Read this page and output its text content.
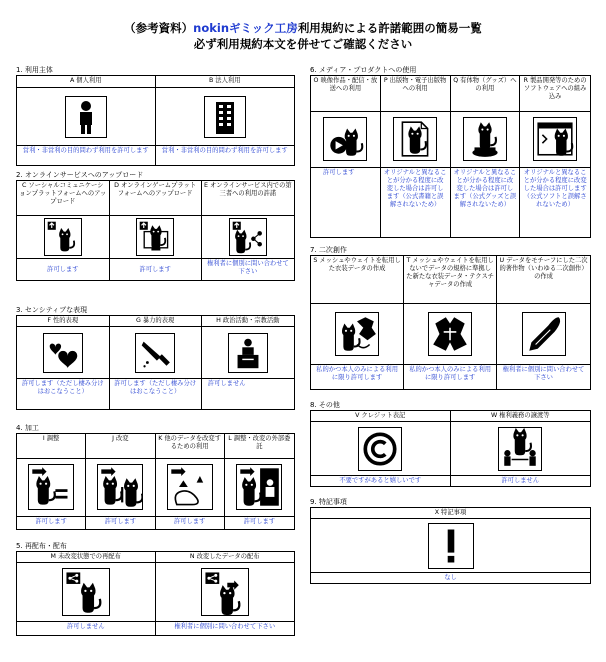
（参考資料）nokinギミック工房利用規約による許諾範囲の簡易一覧
必ず利用規約本文を併せてご確認ください
1. 利用主体
A 個人利用
営利・非営利の目的問わず利用を許可します
B 法人利用
営利・非営利の目的問わず利用を許可します
2. オンラインサービスへのアップロード
C ソーシャルコミュニケーションプラットフォームへのアップロード
許可します
D オンラインゲームプラットフォームへのアップロード
許可します
E オンラインサービス内での第三者への利用の許諾
権利者に個別に問い合わせて下さい
3. センシティブな表現
F 性的表現
許可します（ただし棲み分けはおこなうこと）
G 暴力的表現
許可します（ただし棲み分けはおこなうこと）
H 政治活動・宗教活動
許可しません
4. 加工
I 調整
許可します
J 改変
許可します
K 他のデータを改変するための利用
許可します
L 調整・改変の外部委託
許可します
5. 再配布・配布
M 未改変状態での再配布
許可しません
N 改変したデータの配布
権利者に個別に問い合わせて下さい
6. メディア・プロダクトへの使用
O 映像作品・配信・放送への利用
許可します
P 出版物・電子出版物への利用
オリジナルと異なることが分かる程度に改変した場合は許可します（公式書籍と誤解されないため）
Q 有体物（グッズ）への利用
オリジナルと異なることが分かる程度に改変した場合は許可します（公式グッズと誤解されないため）
R 製品開発等のためのソフトウェアへの組み込み
オリジナルと異なることが分かる程度に改変した場合は許可します（公式ソフトと誤解されないため）
7. 二次創作
S メッシュやウェイトを転用した衣装データの作成
私的かつ本人のみによる利用に限り許可します
T メッシュやウェイトを転用しないでデータの規格に準拠した新たな衣装データ・テクスチャデータの作成
私的かつ本人のみによる利用に限り許可します
U データをモチーフにした二次的著作物（いわゆる二次創作）の作成
権利者に個別に問い合わせて下さい
8. その他
V クレジット表記
不要ですがあると嬉しいです
W 権利義務の譲渡等
許可しません
9. 特記事項
X 特記事項
なし
